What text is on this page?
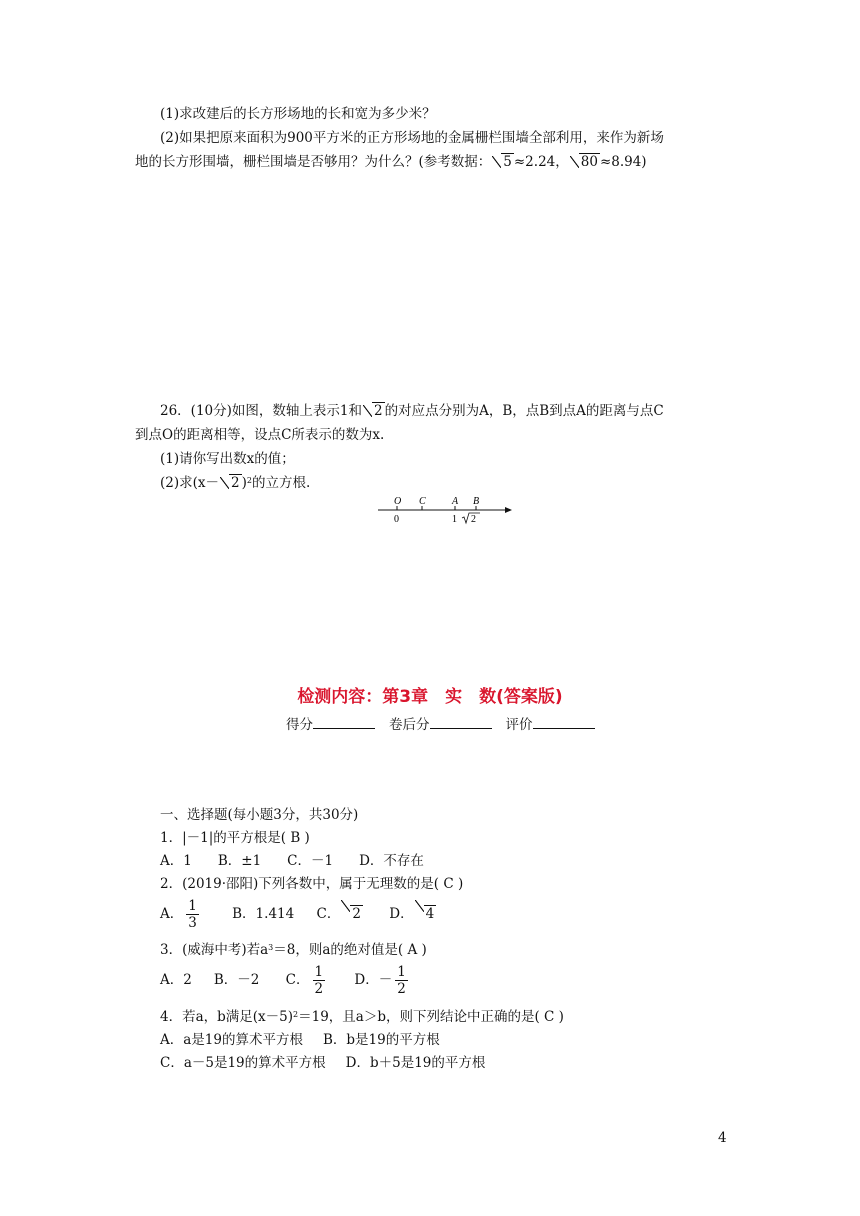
(1)求改建后的长方形场地的长和宽为多少米？
(2)如果把原来面积为900平方米的正方形场地的金属栅栏围墙全部利用，来作为新场
地的长方形围墙，栅栏围墙是否够用？为什么？(参考数据： 5 ≈2.24， 80 ≈8.94)
26．(10分)如图，数轴上表示1和 2 的对应点分别为A，B，点B到点A的距离与点C
到点O的距离相等，设点C所表示的数为x.
(1)请你写出数x的值；
(2)求(x－ 2 )$^2$的立方根.
O C	A B
0	1 2
检测内容：第3章　实　数(答案版)
得分	卷后分	评价
一、选择题(每小题3分，共30分)
1．|－1|的平方根是( B )
A．1 B．±1 C．－1 D．不存在
2．(2019·邵阳)下列各数中，属于无理数的是( C )
A． $\frac{1}{3}$ B．1.414 C． 2 D． 4
3．(威海中考)若$a^3=8$，则a的绝对值是( A )
A．2 B．－2 C． $\frac{1}{2}$ D．－ $\frac{1}{2}$
4．若a，b满足$(x-5)^2=19$，且a＞b，则下列结论中正确的是( C )
A．a是19的算术平方根 B．b是19的平方根
C．a－5是19的算术平方根 D．b＋5是19的平方根
4
